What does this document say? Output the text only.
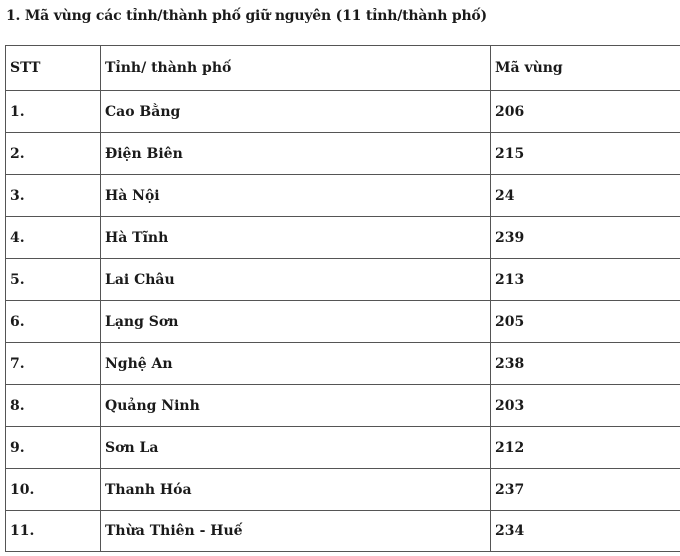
1. Mã vùng các tỉnh/thành phố giữ nguyên (11 tỉnh/thành phố)
STT	Tỉnh/ thành phố	Mã vùng
1.	Cao Bằng	206
2.	Điện Biên	215
3.	Hà Nội	24
4.	Hà Tĩnh	239
5.	Lai Châu	213
6.	Lạng Sơn	205
7.	Nghệ An	238
8.	Quảng Ninh	203
9.	Sơn La	212
10.	Thanh Hóa	237
11.	Thừa Thiên - Huế	234
